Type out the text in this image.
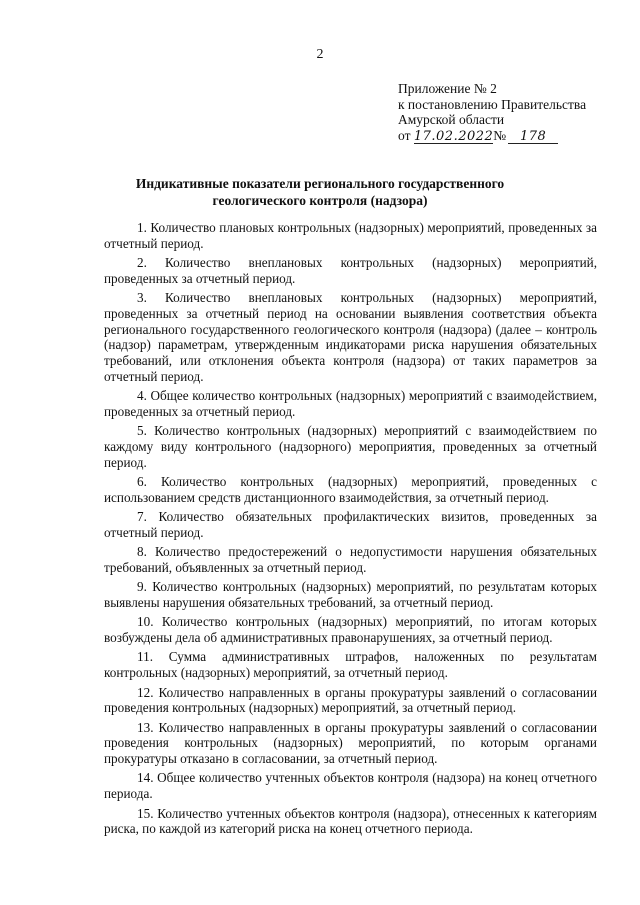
2
Приложение № 2
к постановлению Правительства
Амурской области
от 17.02.2022№ 178
Индикативные показатели регионального государственного
геологического контроля (надзора)

1. Количество плановых контрольных (надзорных) мероприятий, проведенных за отчетный период.

2. Количество внеплановых контрольных (надзорных) мероприятий, проведенных за отчетный период.

3. Количество внеплановых контрольных (надзорных) мероприятий, проведенных за отчетный период на основании выявления соответствия объекта регионального государственного геологического контроля (надзора) (далее – контроль (надзор) параметрам, утвержденным индикаторами риска нарушения обязательных требований, или отклонения объекта контроля (надзора) от таких параметров за отчетный период.

4. Общее количество контрольных (надзорных) мероприятий с взаимодействием, проведенных за отчетный период.

5. Количество контрольных (надзорных) мероприятий с взаимодействием по каждому виду контрольного (надзорного) мероприятия, проведенных за отчетный период.

6. Количество контрольных (надзорных) мероприятий, проведенных с использованием средств дистанционного взаимодействия, за отчетный период.

7. Количество обязательных профилактических визитов, проведенных за отчетный период.

8. Количество предостережений о недопустимости нарушения обязательных требований, объявленных за отчетный период.

9. Количество контрольных (надзорных) мероприятий, по результатам которых выявлены нарушения обязательных требований, за отчетный период.

10. Количество контрольных (надзорных) мероприятий, по итогам которых возбуждены дела об административных правонарушениях, за отчетный период.

11. Сумма административных штрафов, наложенных по результатам контрольных (надзорных) мероприятий, за отчетный период.

12. Количество направленных в органы прокуратуры заявлений о согласовании проведения контрольных (надзорных) мероприятий, за отчетный период.

13. Количество направленных в органы прокуратуры заявлений о согласовании проведения контрольных (надзорных) мероприятий, по которым органами прокуратуры отказано в согласовании, за отчетный период.

14. Общее количество учтенных объектов контроля (надзора) на конец отчетного периода.

15. Количество учтенных объектов контроля (надзора), отнесенных к категориям риска, по каждой из категорий риска на конец отчетного периода.
